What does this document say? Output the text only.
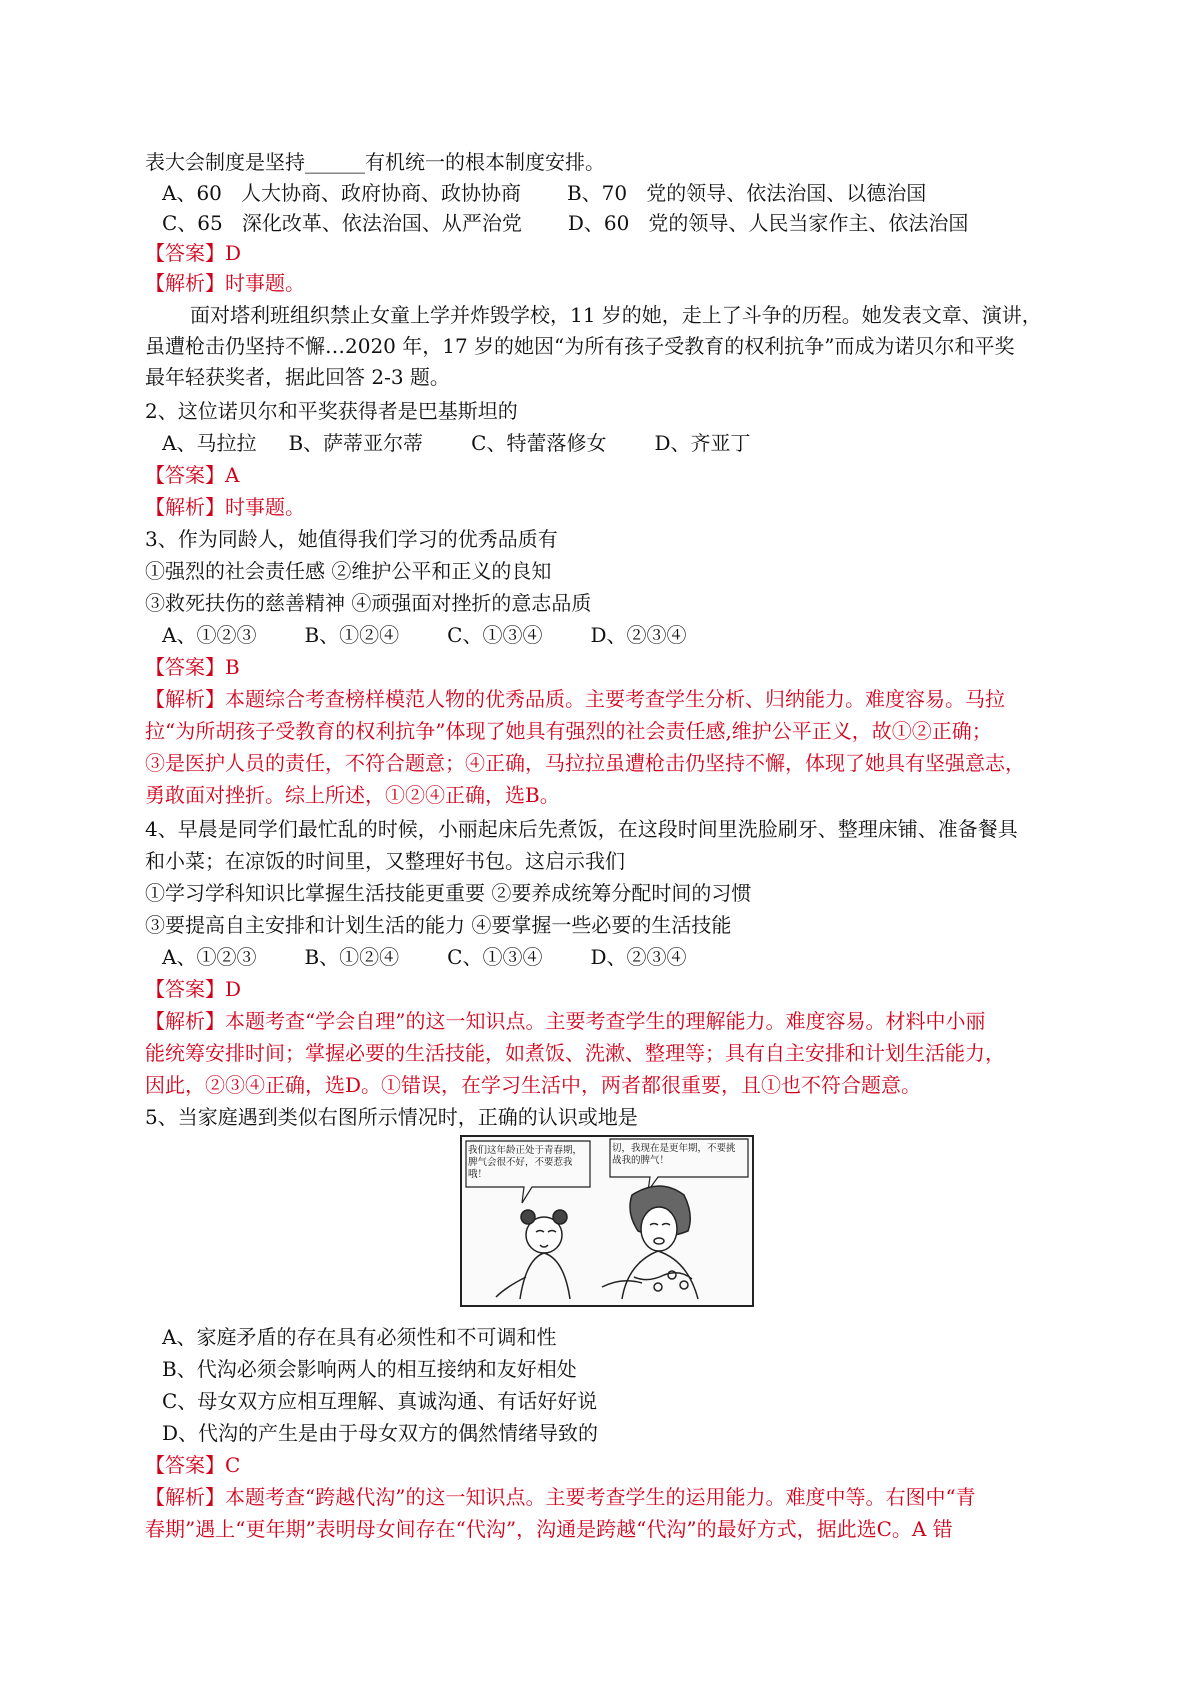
表大会制度是坚持______有机统一的根本制度安排。
A、60 人大协商、政府协商、政协协商 B、70 党的领导、依法治国、以德治国
C、65 深化改革、依法治国、从严治党 D、60 党的领导、人民当家作主、依法治国
【答案】D
【解析】时事题。
面对塔利班组织禁止女童上学并炸毁学校，11 岁的她，走上了斗争的历程。她发表文章、演讲，
虽遭枪击仍坚持不懈…2020 年，17 岁的她因“为所有孩子受教育的权利抗争”而成为诺贝尔和平奖
最年轻获奖者，据此回答 2-3 题。
2、这位诺贝尔和平奖获得者是巴基斯坦的
A、马拉拉 B、萨蒂亚尔蒂 C、特蕾落修女 D、齐亚丁
【答案】A
【解析】时事题。
3、作为同龄人，她值得我们学习的优秀品质有
①强烈的社会责任感 ②维护公平和正义的良知
③救死扶伤的慈善精神 ④顽强面对挫折的意志品质
A、①②③ B、①②④ C、①③④ D、②③④
【答案】B
【解析】本题综合考查榜样模范人物的优秀品质。主要考查学生分析、归纳能力。难度容易。马拉
拉“为所胡孩子受教育的权利抗争”体现了她具有强烈的社会责任感,维护公平正义，故①②正确；
③是医护人员的责任，不符合题意；④正确，马拉拉虽遭枪击仍坚持不懈，体现了她具有坚强意志，
勇敢面对挫折。综上所述，①②④正确，选B。
4、早晨是同学们最忙乱的时候，小丽起床后先煮饭，在这段时间里洗脸刷牙、整理床铺、准备餐具
和小菜；在凉饭的时间里，又整理好书包。这启示我们
①学习学科知识比掌握生活技能更重要 ②要养成统筹分配时间的习惯
③要提高自主安排和计划生活的能力 ④要掌握一些必要的生活技能
A、①②③ B、①②④ C、①③④ D、②③④
【答案】D
【解析】本题考查“学会自理”的这一知识点。主要考查学生的理解能力。难度容易。材料中小丽
能统筹安排时间；掌握必要的生活技能，如煮饭、洗漱、整理等；具有自主安排和计划生活能力，
因此，②③④正确，选D。①错误，在学习生活中，两者都很重要，且①也不符合题意。
5、当家庭遇到类似右图所示情况时，正确的认识或地是
我们这年龄正处于青春期，脾气会很不好，不要惹我哦！
切，我现在是更年期，不要挑战我的脾气！
A、家庭矛盾的存在具有必须性和不可调和性
B、代沟必须会影响两人的相互接纳和友好相处
C、母女双方应相互理解、真诚沟通、有话好好说
D、代沟的产生是由于母女双方的偶然情绪导致的
【答案】C
【解析】本题考查“跨越代沟”的这一知识点。主要考查学生的运用能力。难度中等。右图中“青
春期”遇上“更年期”表明母女间存在“代沟”，沟通是跨越“代沟”的最好方式，据此选C。A 错
